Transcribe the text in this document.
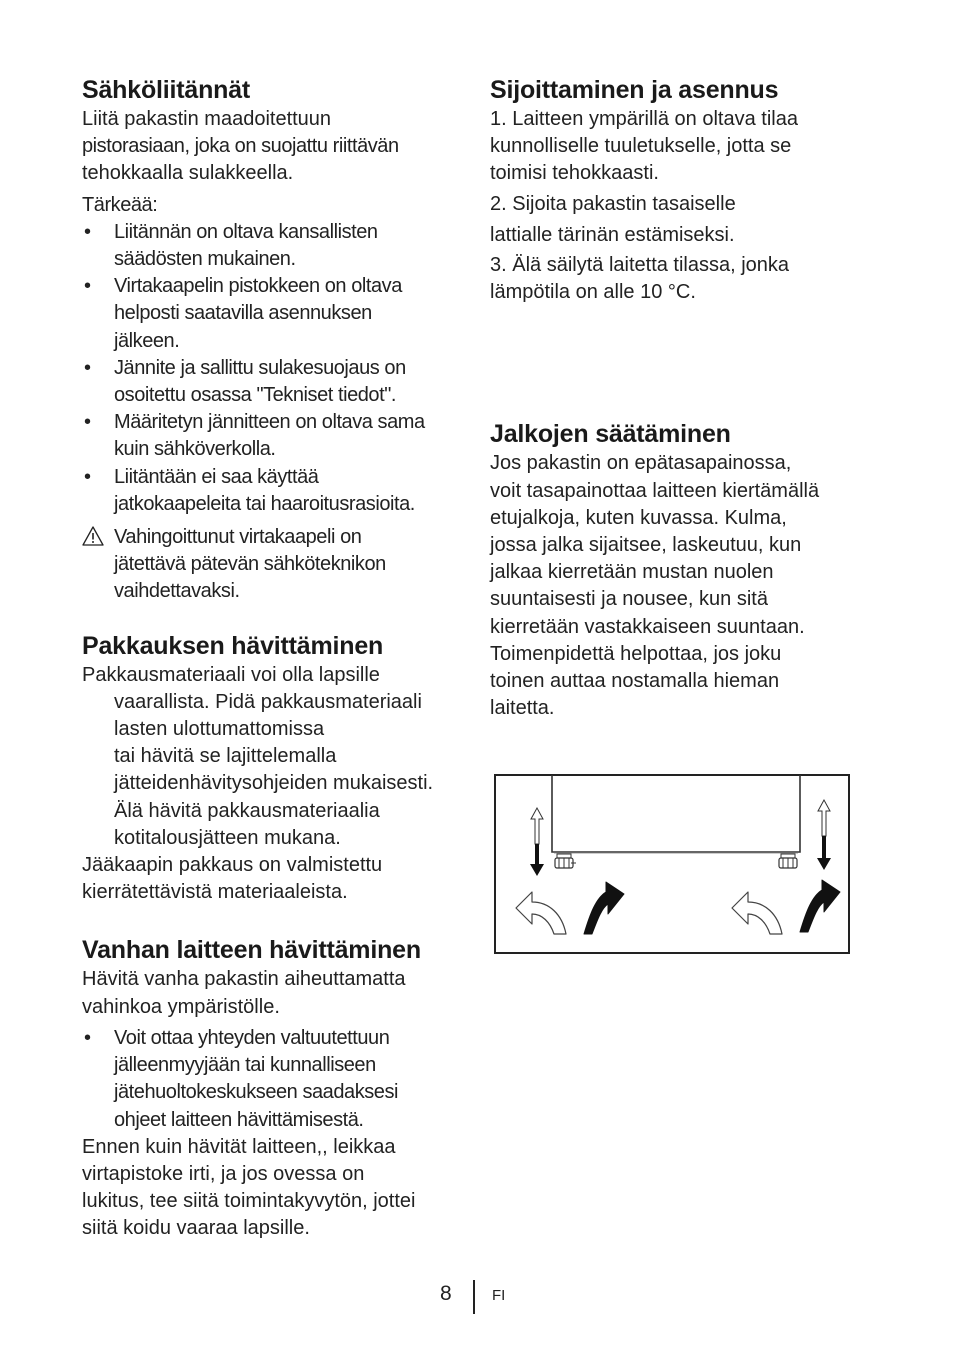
Sähköliitännät

Liitä pakastin maadoitettuun

pistorasiaan, joka on suojattu riittävän

tehokkaalla sulakkeella.

Tärkeää:

• Liitännän on oltava kansallisten
säädösten mukainen.
• Virtakaapelin pistokkeen on oltava
helposti saatavilla asennuksen
jälkeen.
• Jännite ja sallittu sulakesuojaus on
osoitettu osassa "Tekniset tiedot".
• Määritetyn jännitteen on oltava sama
kuin sähköverkolla.
• Liitäntään ei saa käyttää
jatkokaapeleita tai haaroitusrasioita.
Vahingoittunut virtakaapeli on
jätettävä pätevän sähköteknikon
vaihdettavaksi.
Pakkauksen hävittäminen

Pakkausmateriaali voi olla lapsille

vaarallista. Pidä pakkausmateriaali

lasten ulottumattomissa

tai hävitä se lajittelemalla

jätteidenhävitysohjeiden mukaisesti.

Älä hävitä pakkausmateriaalia

kotitalousjätteen mukana.

Jääkaapin pakkaus on valmistettu

kierrätettävistä materiaaleista.

Vanhan laitteen hävittäminen

Hävitä vanha pakastin aiheuttamatta

vahinkoa ympäristölle.

• Voit ottaa yhteyden valtuutettuun
jälleenmyyjään tai kunnalliseen
jätehuoltokeskukseen saadaksesi
ohjeet laitteen hävittämisestä.

Ennen kuin hävität laitteen,, leikkaa

virtapistoke irti, ja jos ovessa on

lukitus, tee siitä toimintakyvytön, jottei

siitä koidu vaaraa lapsille.

Sijoittaminen ja asennus

1. Laitteen ympärillä on oltava tilaa

kunnolliselle tuuletukselle, jotta se

toimisi tehokkaasti.

2. Sijoita pakastin tasaiselle

lattialle tärinän estämiseksi.

3. Älä säilytä laitetta tilassa, jonka

lämpötila on alle 10 °C.

Jalkojen säätäminen

Jos pakastin on epätasapainossa,

voit tasapainottaa laitteen kiertämällä

etujalkoja, kuten kuvassa. Kulma,

jossa jalka sijaitsee, laskeutuu, kun

jalkaa kierretään mustan nuolen

suuntaisesti ja nousee, kun sitä

kierretään vastakkaiseen suuntaan.

Toimenpidettä helpottaa, jos joku

toinen auttaa nostamalla hieman

laitetta.

8	FI
